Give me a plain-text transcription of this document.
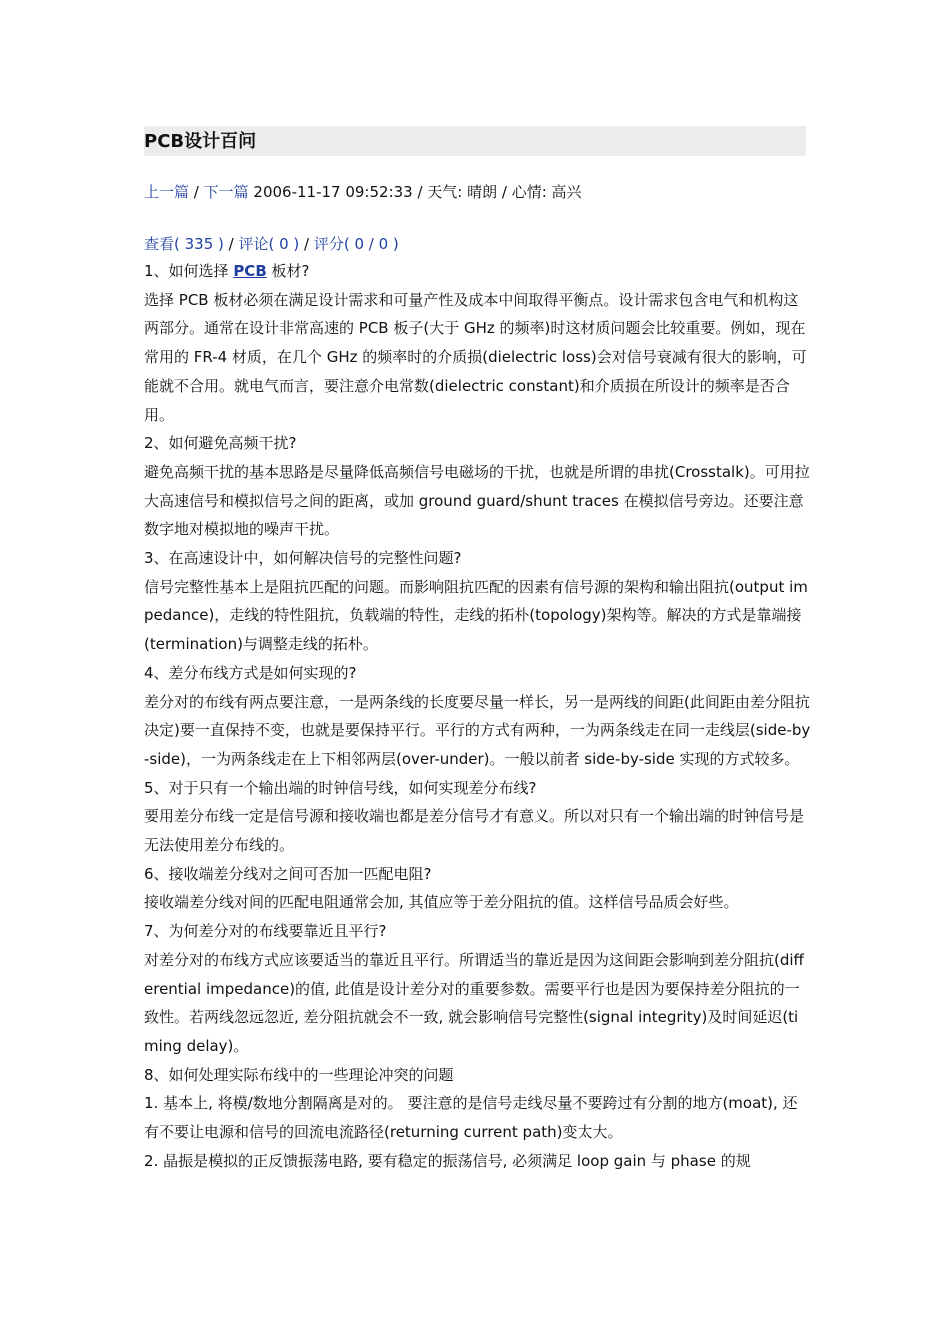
PCB设计百问
上一篇 / 下一篇 2006-11-17 09:52:33 / 天气: 晴朗 / 心情: 高兴
查看( 335 ) / 评论( 0 ) / 评分( 0 / 0 )

1、如何选择 PCB 板材?

选择 PCB 板材必须在满足设计需求和可量产性及成本中间取得平衡点。设计需求包含电气和机构这两部分。通常在设计非常高速的 PCB 板子(大于 GHz 的频率)时这材质问题会比较重要。例如，现在常用的 FR-4 材质，在几个 GHz 的频率时的介质损(dielectric loss)会对信号衰减有很大的影响，可能就不合用。就电气而言，要注意介电常数(dielectric constant)和介质损在所设计的频率是否合用。

2、如何避免高频干扰?

避免高频干扰的基本思路是尽量降低高频信号电磁场的干扰，也就是所谓的串扰(Crosstalk)。可用拉大高速信号和模拟信号之间的距离，或加 ground guard/shunt traces 在模拟信号旁边。还要注意数字地对模拟地的噪声干扰。

3、在高速设计中，如何解决信号的完整性问题?

信号完整性基本上是阻抗匹配的问题。而影响阻抗匹配的因素有信号源的架构和输出阻抗(output impedance)，走线的特性阻抗，负载端的特性，走线的拓朴(topology)架构等。解决的方式是靠端接(termination)与调整走线的拓朴。

4、差分布线方式是如何实现的?

差分对的布线有两点要注意，一是两条线的长度要尽量一样长，另一是两线的间距(此间距由差分阻抗决定)要一直保持不变，也就是要保持平行。平行的方式有两种，一为两条线走在同一走线层(side-by-side)，一为两条线走在上下相邻两层(over-under)。一般以前者 side-by-side 实现的方式较多。

5、对于只有一个输出端的时钟信号线，如何实现差分布线?

要用差分布线一定是信号源和接收端也都是差分信号才有意义。所以对只有一个输出端的时钟信号是无法使用差分布线的。

6、接收端差分线对之间可否加一匹配电阻?

接收端差分线对间的匹配电阻通常会加, 其值应等于差分阻抗的值。这样信号品质会好些。

7、为何差分对的布线要靠近且平行?

对差分对的布线方式应该要适当的靠近且平行。所谓适当的靠近是因为这间距会影响到差分阻抗(differential impedance)的值, 此值是设计差分对的重要参数。需要平行也是因为要保持差分阻抗的一致性。若两线忽远忽近, 差分阻抗就会不一致, 就会影响信号完整性(signal integrity)及时间延迟(timing delay)。

8、如何处理实际布线中的一些理论冲突的问题

1. 基本上, 将模/数地分割隔离是对的。 要注意的是信号走线尽量不要跨过有分割的地方(moat), 还有不要让电源和信号的回流电流路径(returning current path)变太大。

2. 晶振是模拟的正反馈振荡电路, 要有稳定的振荡信号, 必须满足 loop gain 与 phase 的规
